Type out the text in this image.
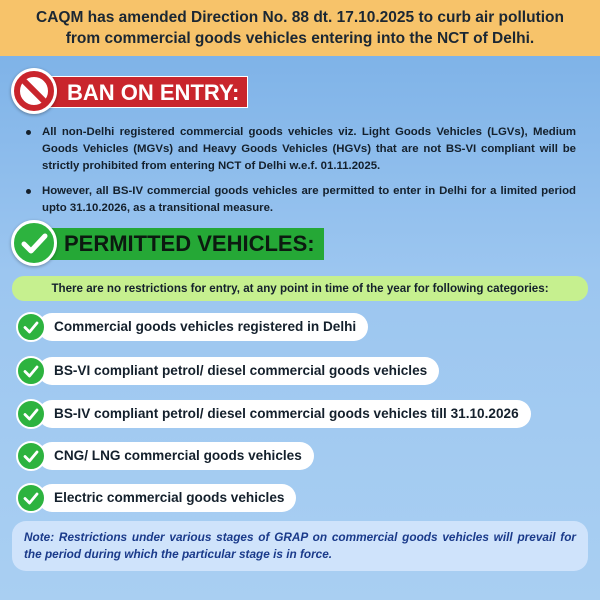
CAQM has amended Direction No. 88 dt. 17.10.2025 to curb air pollution
from commercial goods vehicles entering into the NCT of Delhi.
BAN ON ENTRY:
All non-Delhi registered commercial goods vehicles viz. Light Goods Vehicles (LGVs), Medium Goods Vehicles (MGVs) and Heavy Goods Vehicles (HGVs) that are not BS-VI compliant will be strictly prohibited from entering NCT of Delhi w.e.f. 01.11.2025.
However, all BS-IV commercial goods vehicles are permitted to enter in Delhi for a limited period upto 31.10.2026, as a transitional measure.
PERMITTED VEHICLES:
There are no restrictions for entry, at any point in time of the year for following categories:
Commercial goods vehicles registered in Delhi
BS-VI compliant petrol/ diesel commercial goods vehicles
BS-IV compliant petrol/ diesel commercial goods vehicles till 31.10.2026
CNG/ LNG commercial goods vehicles
Electric commercial goods vehicles
Note: Restrictions under various stages of GRAP on commercial goods vehicles will prevail for the period during which the particular stage is in force.
